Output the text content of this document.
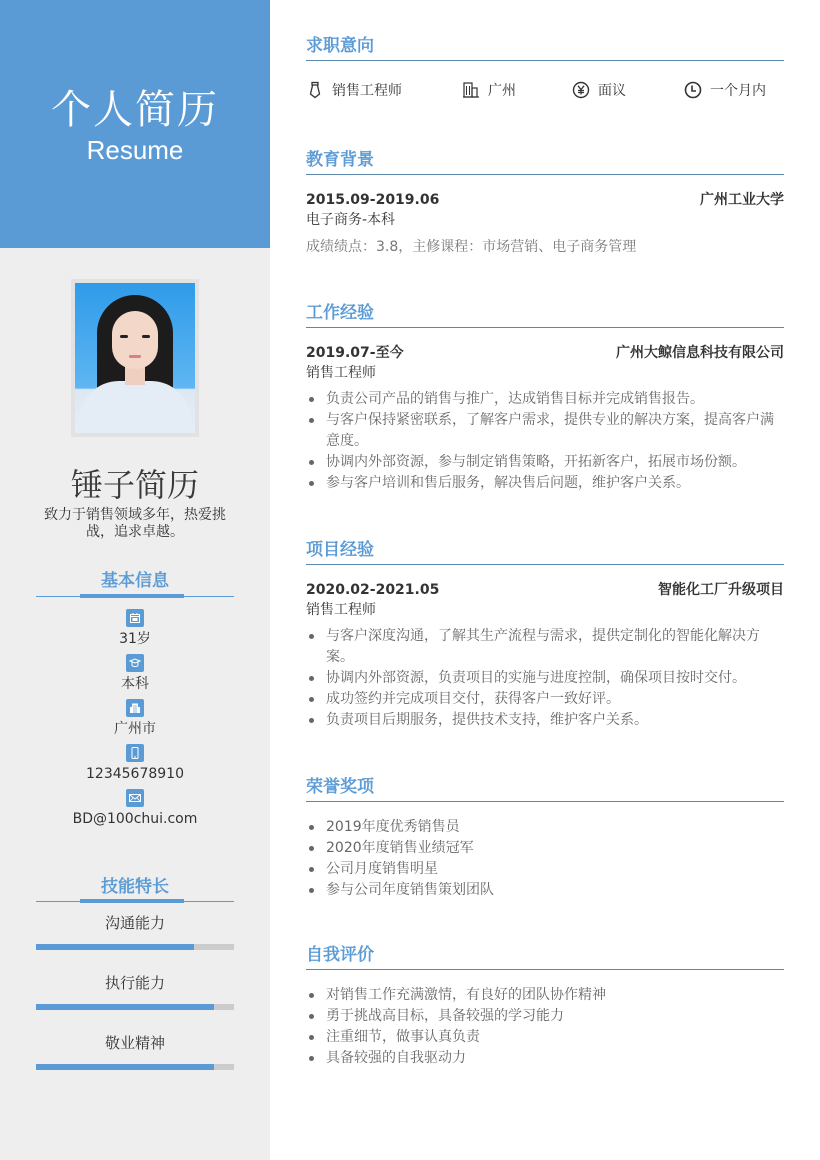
个人简历
Resume
锤子简历
致力于销售领域多年，热爱挑战，追求卓越。
基本信息
31岁
本科
广州市
12345678910
BD@100chui.com
技能特长
沟通能力
执行能力
敬业精神
求职意向
销售工程师	广州	面议	一个月内
教育背景
2015.09-2019.06	广州工业大学
电子商务-本科
成绩绩点：3.8，主修课程：市场营销、电子商务管理
工作经验
2019.07-至今	广州大鲸信息科技有限公司
销售工程师
负责公司产品的销售与推广，达成销售目标并完成销售报告。
与客户保持紧密联系，了解客户需求，提供专业的解决方案，提高客户满意度。
协调内外部资源，参与制定销售策略，开拓新客户，拓展市场份额。
参与客户培训和售后服务，解决售后问题，维护客户关系。
项目经验
2020.02-2021.05	智能化工厂升级项目
销售工程师
与客户深度沟通，了解其生产流程与需求，提供定制化的智能化解决方案。
协调内外部资源，负责项目的实施与进度控制，确保项目按时交付。
成功签约并完成项目交付，获得客户一致好评。
负责项目后期服务，提供技术支持，维护客户关系。
荣誉奖项
2019年度优秀销售员
2020年度销售业绩冠军
公司月度销售明星
参与公司年度销售策划团队
自我评价
对销售工作充满激情，有良好的团队协作精神
勇于挑战高目标，具备较强的学习能力
注重细节，做事认真负责
具备较强的自我驱动力
